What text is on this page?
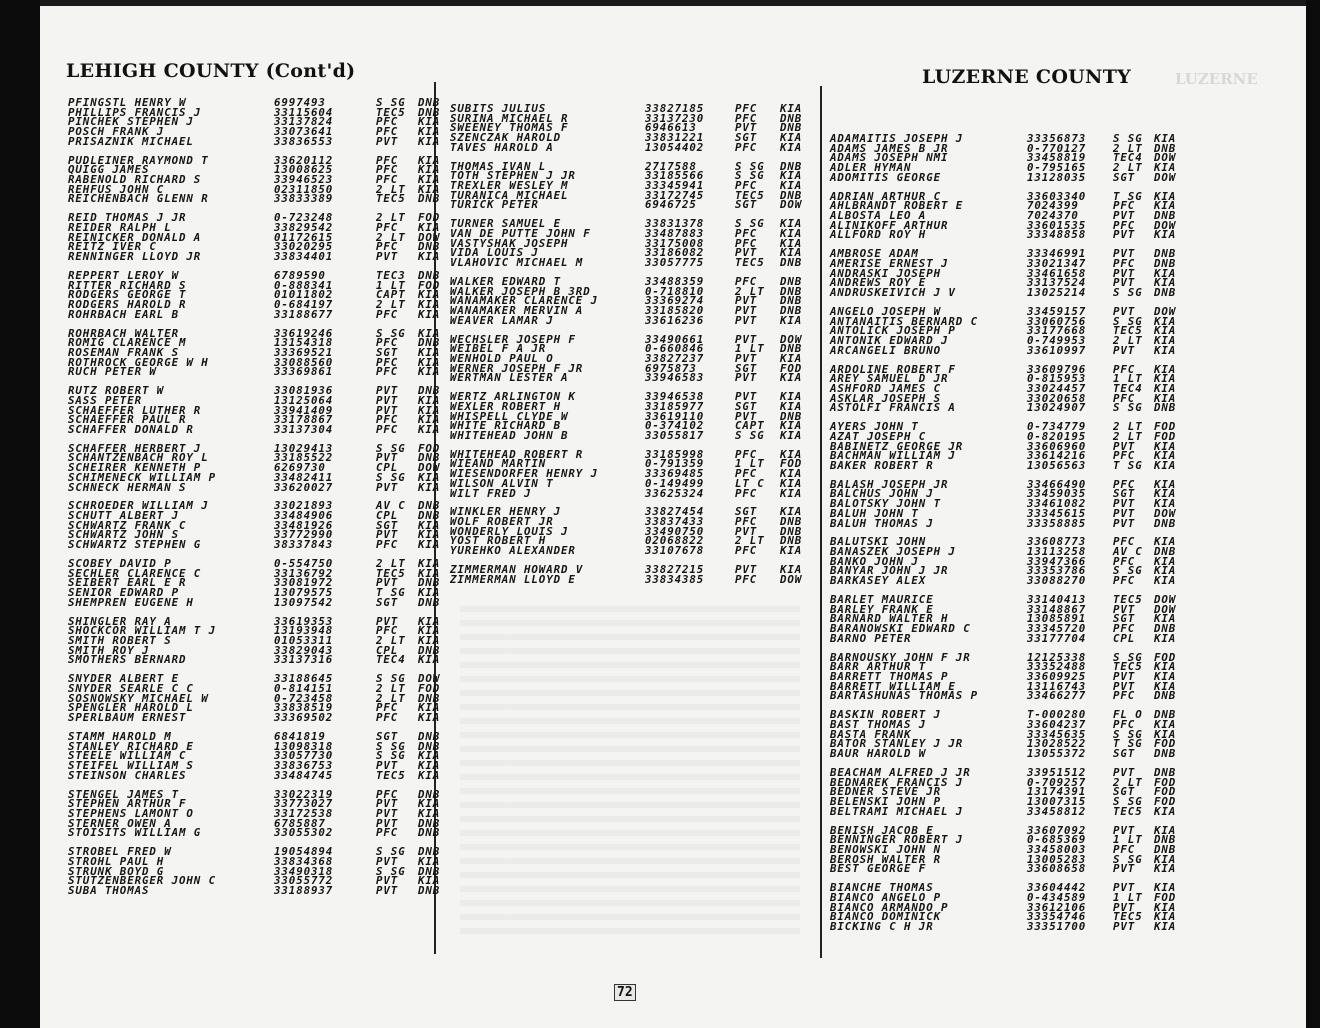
LEHIGH COUNTY (Cont'd)	LUZERNE COUNTY	LUZERNE
PFINGSTL HENRY W	6997493	S SG DNB
PHILLIPS FRANCIS J	33115604	TEC5 DNB
PINCHEK STEPHEN J	33137824	PFC KIA
POSCH FRANK J	33073641	PFC KIA
PRISAZNIK MICHAEL	33836553	PVT KIA
PUDLEINER RAYMOND T	33620112	PFC KIA
QUIGG JAMES	13008625	PFC KIA
RABENOLD RICHARD S	33946523	PFC KIA
REHFUS JOHN C	02311850	2 LT KIA
REICHENBACH GLENN R	33833389	TEC5 DNB
REID THOMAS J JR	0-723248	2 LT FOD
REIDER RALPH L	33829542	PFC KIA
REINICKER DONALD A	01172615	2 LT DOW
REITZ IVER C	33020295	PFC DNB
RENNINGER LLOYD JR	33834401	PVT KIA
REPPERT LEROY W	6789590	TEC3 DNB
RITTER RICHARD S	0-888341	1 LT FOD
RODGERS GEORGE T	01011802	CAPT KIA
RODGERS HAROLD R	0-684197	2 LT KIA
ROHRBACH EARL B	33188677	PFC KIA
ROHRBACH WALTER	33619246	S SG KIA
ROMIG CLARENCE M	13154318	PFC DNB
ROSEMAN FRANK S	33369521	SGT KIA
ROTHROCK GEORGE W H	33088560	PFC KIA
RUCH PETER W	33369861	PFC KIA
RUTZ ROBERT W	33081936	PVT DNB
SASS PETER	13125064	PVT KIA
SCHAEFFER LUTHER R	33941409	PVT KIA
SCHAEFFER PAUL R	33178867	PFC KIA
SCHAFFER DONALD R	33137304	PFC KIA
SCHAFFER HERBERT J	13029413	S SG FOD
SCHANTZENBACH ROY L	33185522	PVT DNB
SCHEIRER KENNETH P	6269730	CPL DOW
SCHIMENECK WILLIAM P	33482411	S SG KIA
SCHNECK HERMAN S	33620027	PVT KIA
SCHROEDER WILLIAM J	33021893	AV C DNB
SCHUTT ALBERT J	33484906	CPL DNB
SCHWARTZ FRANK C	33481926	SGT KIA
SCHWARTZ JOHN S	33772990	PVT KIA
SCHWARTZ STEPHEN G	38337843	PFC KIA
SCOBEY DAVID P	0-554750	2 LT KIA
SECHLER CLARENCE C	33136792	TEC5 KIA
SEIBERT EARL E R	33081972	PVT DNB
SENIOR EDWARD P	13079575	T SG KIA
SHEMPREN EUGENE H	13097542	SGT DNB
SHINGLER RAY A	33619353	PVT KIA
SHOCKCOR WILLIAM T J	13193948	PFC KIA
SMITH ROBERT S	01053311	2 LT KIA
SMITH ROY J	33829043	CPL DNB
SMOTHERS BERNARD	33137316	TEC4 KIA
SNYDER ALBERT E	33188645	S SG DOW
SNYDER SEARLE C C	0-814151	2 LT FOD
SOSNOWSKY MICHAEL W	0-723458	2 LT DNB
SPENGLER HAROLD L	33838519	PFC KIA
SPERLBAUM ERNEST	33369502	PFC KIA
STAMM HAROLD M	6841819	SGT DNB
STANLEY RICHARD E	13098318	S SG DNB
STEELE WILLIAM C	33057730	S SG KIA
STEIFEL WILLIAM S	33836753	PVT KIA
STEINSON CHARLES	33484745	TEC5 KIA
STENGEL JAMES T	33022319	PFC DNB
STEPHEN ARTHUR F	33773027	PVT KIA
STEPHENS LAMONT O	33172538	PVT KIA
STERNER OWEN A	6785887	PVT DNB
STOISITS WILLIAM G	33055302	PFC DNB
STROBEL FRED W	19054894	S SG DNB
STROHL PAUL H	33834368	PVT KIA
STRUNK BOYD G	33490318	S SG DNB
STUTZENBERGER JOHN C	33055772	PVT KIA
SUBA THOMAS	33188937	PVT DNB
SUBITS JULIUS	33827185	PFC KIA
SURINA MICHAEL R	33137230	PFC DNB
SWEENEY THOMAS F	6946613	PVT DNB
SZENCZAK HAROLD	33831221	SGT KIA
TAVES HAROLD A	13054402	PFC KIA
THOMAS IVAN L	2717588	S SG DNB
TOTH STEPHEN J JR	33185566	S SG KIA
TREXLER WESLEY M	33345941	PFC KIA
TURANICA MICHAEL	33172745	TEC5 DNB
TURICK PETER	6946725	SGT DOW
TURNER SAMUEL E	33831378	S SG KIA
VAN DE PUTTE JOHN F	33487883	PFC KIA
VASTYSHAK JOSEPH	33175008	PFC KIA
VIDA LOUIS J	33186082	PVT KIA
VLAHOVIC MICHAEL M	33057775	TEC5 DNB
WALKER EDWARD T	33488359	PFC DNB
WALKER JOSEPH B 3RD	0-718810	2 LT DNB
WANAMAKER CLARENCE J	33369274	PVT DNB
WANAMAKER MERVIN A	33185820	PVT DNB
WEAVER LAMAR J	33616236	PVT KIA
WECHSLER JOSEPH F	33490661	PVT DOW
WEIBEL F A JR	0-660846	1 LT DNB
WENHOLD PAUL O	33827237	PVT KIA
WERNER JOSEPH F JR	6975873	SGT FOD
WERTMAN LESTER A	33946583	PVT KIA
WERTZ ARLINGTON K	33946538	PVT KIA
WEXLER ROBERT H	33185977	SGT KIA
WHISPELL CLYDE W	33619110	PVT DNB
WHITE RICHARD B	0-374102	CAPT KIA
WHITEHEAD JOHN B	33055817	S SG KIA
WHITEHEAD ROBERT R	33185998	PFC KIA
WIEAND MARTIN	0-791359	1 LT FOD
WIESENDORFER HENRY J	33369485	PFC KIA
WILSON ALVIN T	0-149499	LT C KIA
WILT FRED J	33625324	PFC KIA
WINKLER HENRY J	33827454	SGT KIA
WOLF ROBERT JR	33837433	PFC DNB
WONDERLY LOUIS J	33490750	PVT DNB
YOST ROBERT H	02068822	2 LT DNB
YUREHKO ALEXANDER	33107678	PFC KIA
ZIMMERMAN HOWARD V	33827215	PVT KIA
ZIMMERMAN LLOYD E	33834385	PFC DOW
ADAMAITIS JOSEPH J	33356873 S SG KIA
ADAMS JAMES B JR	0-770127 2 LT DNB
ADAMS JOSEPH NMI	33458819 TEC4 DOW
ADLER HYMAN	0-795165 2 LT KIA
ADOMITIS GEORGE	13128035 SGT DOW
ADRIAN ARTHUR C	33603340 T SG KIA
AHLBRANDT ROBERT E	7024399	PFC KIA
ALBOSTA LEO A	7024370	PVT DNB
ALINIKOFF ARTHUR	33601535 PFC DOW
ALLFORD ROY H	33348858 PVT KIA
AMBROSE ADAM	33346991 PVT DNB
AMERISE ERNEST J	33021347 PFC DNB
ANDRASKI JOSEPH	33461658 PVT KIA
ANDREWS ROY E	33137524 PVT KIA
ANDRUSKEIVICH J V	13025214 S SG DNB
ANGELO JOSEPH W	33459157 PVT DOW
ANTANAITIS BERNARD C	33060756 S SG KIA
ANTOLICK JOSEPH P	33177668 TEC5 KIA
ANTONIK EDWARD J	0-749953 2 LT KIA
ARCANGELI BRUNO	33610997 PVT KIA
ARDOLINE ROBERT F	33609796 PFC KIA
AREY SAMUEL D JR	0-815953 1 LT KIA
ASHFORD JAMES C	33024457 TEC4 KIA
ASKLAR JOSEPH S	33020658 PFC KIA
ASTOLFI FRANCIS A	13024907 S SG DNB
AYERS JOHN T	0-734779 2 LT FOD
AZAT JOSEPH C	0-820195 2 LT FOD
BABINETZ GEORGE JR	33606960 PVT KIA
BACHMAN WILLIAM J	33614216 PFC KIA
BAKER ROBERT R	13056563 T SG KIA
BALASH JOSEPH JR	33466490 PFC KIA
BALCHUS JOHN J	33459035 SGT KIA
BALOTSKY JOHN T	33461082 PVT KIA
BALUH JOHN T	33345615 PVT DOW
BALUH THOMAS J	33358885 PVT DNB
BALUTSKI JOHN	33608773 PFC KIA
BANASZEK JOSEPH J	13113258 AV C DNB
BANKO JOHN J	33947366 PFC KIA
BANYAR JOHN J JR	33353786 S SG KIA
BARKASEY ALEX	33088270 PFC KIA
BARLET MAURICE	33140413 TEC5 DOW
BARLEY FRANK E	33148867 PVT DOW
BARNARD WALTER H	13085891 SGT KIA
BARANOWSKI EDWARD C	33345720 PFC DNB
BARNO PETER	33177704 CPL KIA
BARNOUSKY JOHN F JR	12125338 S SG FOD
BARR ARTHUR T	33352488 TEC5 KIA
BARRETT THOMAS P	33609925 PVT KIA
BARRETT WILLIAM E	13116743 PVT KIA
BARTASHUNAS THOMAS P	33466277 PFC DNB
BASKIN ROBERT J	T-000280 FL O DNB
BAST THOMAS J	33604237 PFC KIA
BASTA FRANK	33345635 S SG KIA
BATOR STANLEY J JR	13028522 T SG FOD
BAUR HAROLD W	13055372 SGT DNB
BEACHAM ALFRED J JR	33951512 PVT DNB
BEDNAREK FRANCIS J	0-709257 2 LT FOD
BEDNER STEVE JR	13174391 SGT FOD
BELENSKI JOHN P	13007315 S SG FOD
BELTRAMI MICHAEL J	33458812 TEC5 KIA
BENISH JACOB E	33607092 PVT KIA
BENNINGER ROBERT J	0-685369 1 LT DNB
BENOWSKI JOHN N	33458003 PFC DNB
BEROSH WALTER R	13005283 S SG KIA
BEST GEORGE F	33608658 PVT KIA
BIANCHE THOMAS	33604442 PVT KIA
BIANCO ANGELO P	0-434589 1 LT FOD
BIANCO ARMANDO P	33612106 PVT KIA
BIANCO DOMINICK	33354746 TEC5 KIA
BICKING C H JR	33351700 PVT KIA
72
